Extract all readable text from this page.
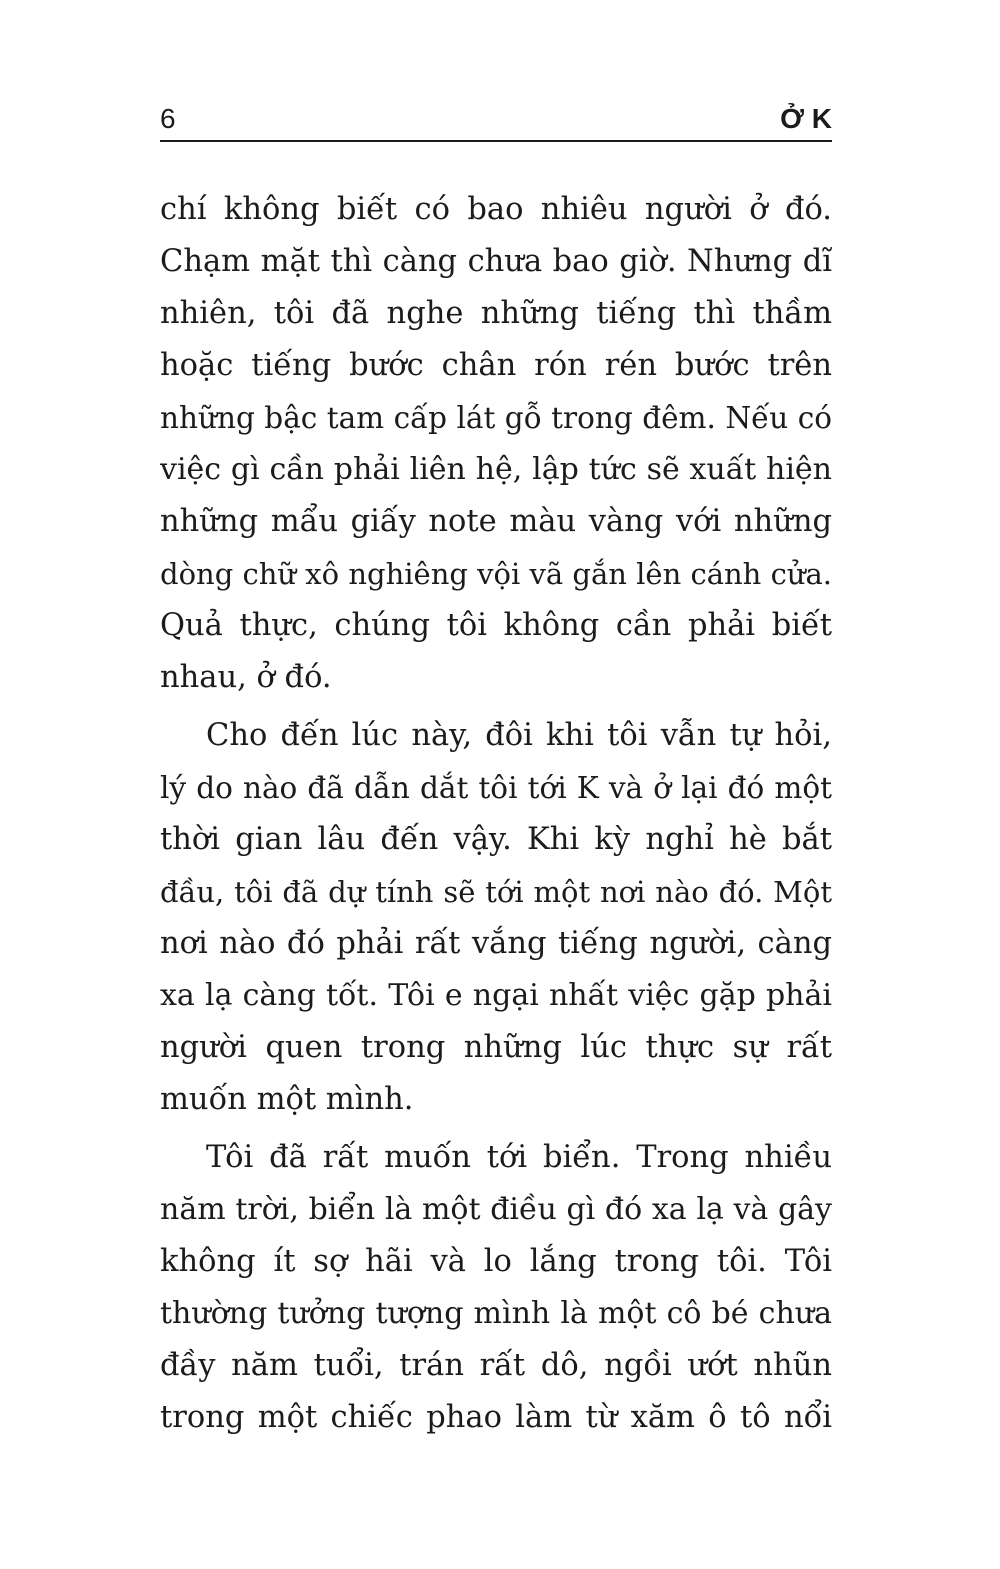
6	Ở K
chí không biết có bao nhiêu người ở đó.
Chạm mặt thì càng chưa bao giờ. Nhưng dĩ
nhiên, tôi đã nghe những tiếng thì thầm
hoặc tiếng bước chân rón rén bước trên
những bậc tam cấp lát gỗ trong đêm. Nếu có
việc gì cần phải liên hệ, lập tức sẽ xuất hiện
những mẩu giấy note màu vàng với những
dòng chữ xô nghiêng vội vã gắn lên cánh cửa.
Quả thực, chúng tôi không cần phải biết
nhau, ở đó.
Cho đến lúc này, đôi khi tôi vẫn tự hỏi,
lý do nào đã dẫn dắt tôi tới K và ở lại đó một
thời gian lâu đến vậy. Khi kỳ nghỉ hè bắt
đầu, tôi đã dự tính sẽ tới một nơi nào đó. Một
nơi nào đó phải rất vắng tiếng người, càng
xa lạ càng tốt. Tôi e ngại nhất việc gặp phải
người quen trong những lúc thực sự rất
muốn một mình.
Tôi đã rất muốn tới biển. Trong nhiều
năm trời, biển là một điều gì đó xa lạ và gây
không ít sợ hãi và lo lắng trong tôi. Tôi
thường tưởng tượng mình là một cô bé chưa
đầy năm tuổi, trán rất dô, ngồi ướt nhũn
trong một chiếc phao làm từ xăm ô tô nổi
